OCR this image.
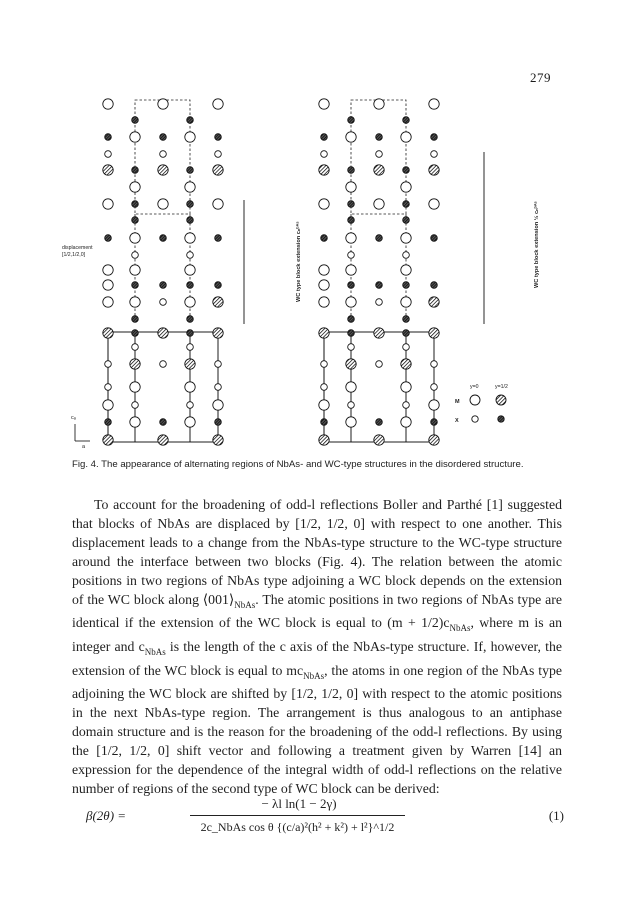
279
displacement
[1/2,1/2,0]	WC type block extension cₙᵇᴬˢ	WC type block extension ½ cₙᵇᴬˢ
cₐ
a
y=0	y=1/2
M
X
Fig. 4. The appearance of alternating regions of NbAs- and WC-type structures in the disordered structure.

To account for the broadening of odd-l reflections Boller and Parthé [1] suggested that blocks of NbAs are displaced by [1/2, 1/2, 0] with respect to one another. This displacement leads to a change from the NbAs-type structure to the WC-type structure around the interface between two blocks (Fig. 4). The relation between the atomic positions in two regions of NbAs type adjoining a WC block depends on the extension of the WC block along $⟨001⟩_{NbAs}$. The atomic positions in two regions of NbAs type are identical if the extension of the WC block is equal to $(m + 1/2)c_{NbAs}$, where m is an integer and $c_{NbAs}$ is the length of the c axis of the NbAs-type structure. If, however, the extension of the WC block is equal to $mc_{NbAs}$, the atoms in one region of the NbAs type adjoining the WC block are shifted by [1/2, 1/2, 0] with respect to the atomic positions in the next NbAs-type region. The arrangement is thus analogous to an antiphase domain structure and is the reason for the broadening of the odd-l reflections. By using the [1/2, 1/2, 0] shift vector and following a treatment given by Warren [14] an expression for the dependence of the integral width of odd-l reflections on the relative number of regions of the second type of WC block can be derived:

β(2θ) =
− λl ln(1 − 2γ)
2c_NbAs cos θ {(c/a)²(h² + k²) + l²}^1/2
(1)
